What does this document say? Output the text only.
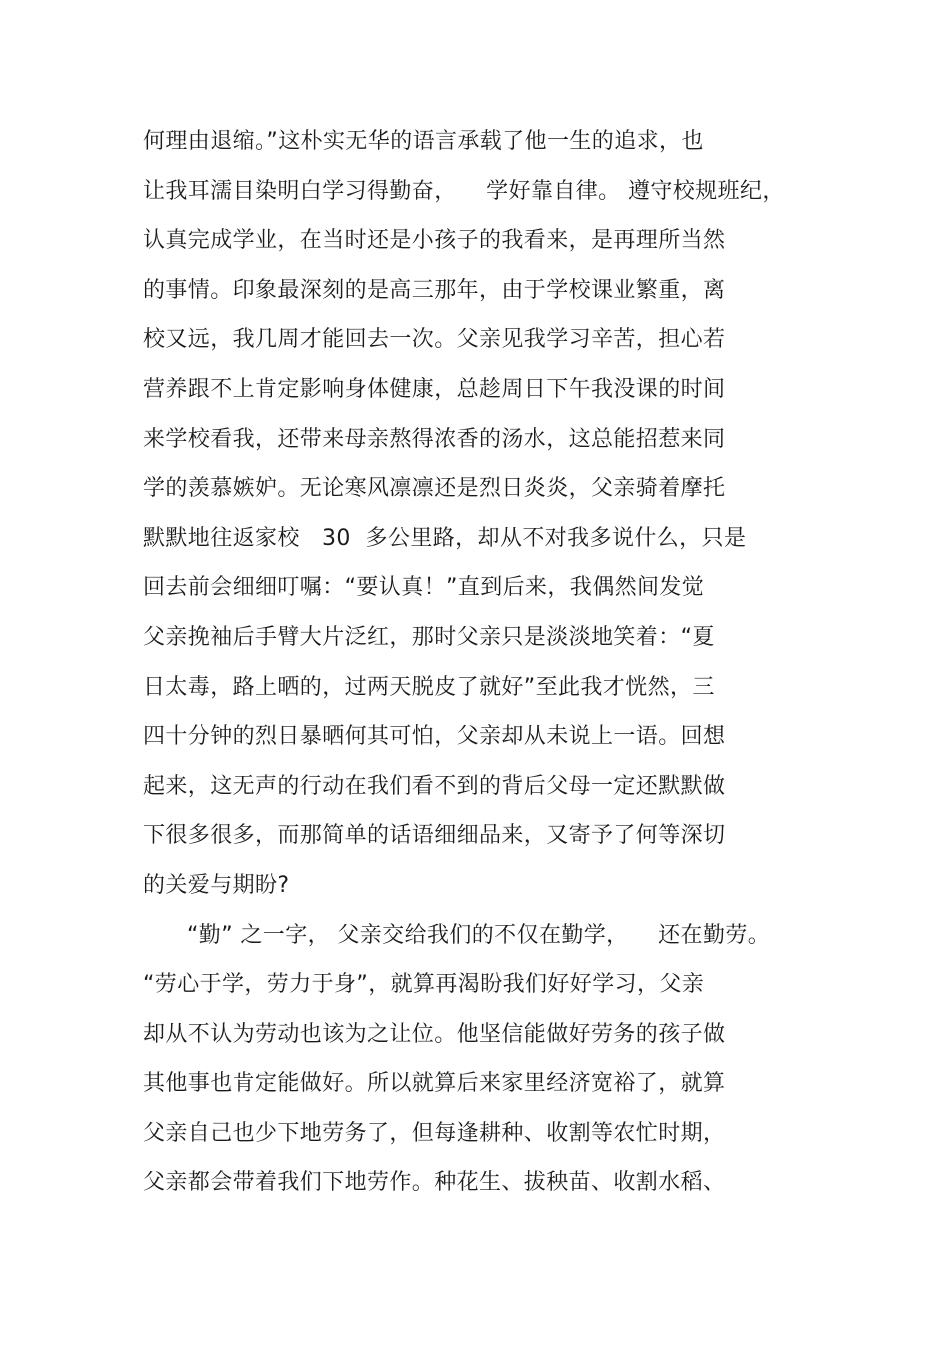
何理由退缩。”这朴实无华的语言承载了他一生的追求，也
让我耳濡目染明白学习得勤奋，    学好靠自律。 遵守校规班纪，
认真完成学业，在当时还是小孩子的我看来，是再理所当然
的事情。印象最深刻的是高三那年，由于学校课业繁重，离
校又远，我几周才能回去一次。父亲见我学习辛苦，担心若
营养跟不上肯定影响身体健康，总趁周日下午我没课的时间
来学校看我，还带来母亲熬得浓香的汤水，这总能招惹来同
学的羡慕嫉妒。无论寒风凛凛还是烈日炎炎，父亲骑着摩托
默默地往返家校   30  多公里路，却从不对我多说什么，只是
回去前会细细叮嘱：“要认真！”直到后来，我偶然间发觉
父亲挽袖后手臂大片泛红，那时父亲只是淡淡地笑着：“夏
日太毒，路上晒的，过两天脱皮了就好”至此我才恍然，三
四十分钟的烈日暴晒何其可怕，父亲却从未说上一语。回想
起来，这无声的行动在我们看不到的背后父母一定还默默做
下很多很多，而那简单的话语细细品来，又寄予了何等深切
的关爱与期盼?
“勤” 之一字， 父亲交给我们的不仅在勤学，    还在勤劳。
“劳心于学，劳力于身”，就算再渴盼我们好好学习，父亲
却从不认为劳动也该为之让位。他坚信能做好劳务的孩子做
其他事也肯定能做好。所以就算后来家里经济宽裕了，就算
父亲自己也少下地劳务了，但每逢耕种、收割等农忙时期，
父亲都会带着我们下地劳作。种花生、拔秧苗、收割水稻、
